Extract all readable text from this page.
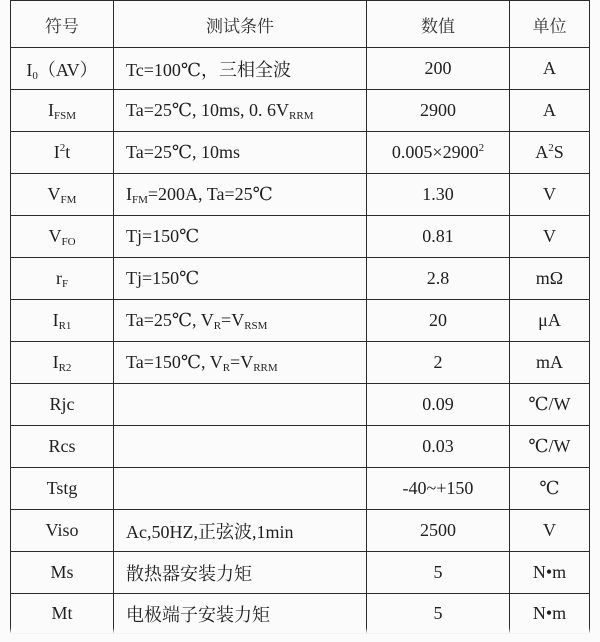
符号	测试条件	数值	单位
$I_0(AV)$	Tc=100℃，三相全波	200	A
$I_{FSM}$	Ta=25℃, 10ms, 0. $6V_{RRM}$	2900	A
$I^2t$	Ta=25℃, 10ms	$0.005\times 2900^2$	$A^2S$
$V_{FM}$	$I_{FM}=200A$, Ta=25℃	1.30	V
$V_{FO}$	Tj=150℃	0.81	V
$r_F$	Tj=150℃	2.8	mΩ
$I_{R1}$	Ta=25℃, $V_R=V_{RSM}$	20	μA
$I_{R2}$	Ta=150℃, $V_R=V_{RRM}$	2	mA
Rjc		0.09	℃/W
Rcs		0.03	℃/W
Tstg		-40~+150	℃
Viso	Ac,50HZ,正弦波,1min	2500	V
Ms	散热器安装力矩	5	N•m
Mt	电极端子安装力矩	5	N•m
